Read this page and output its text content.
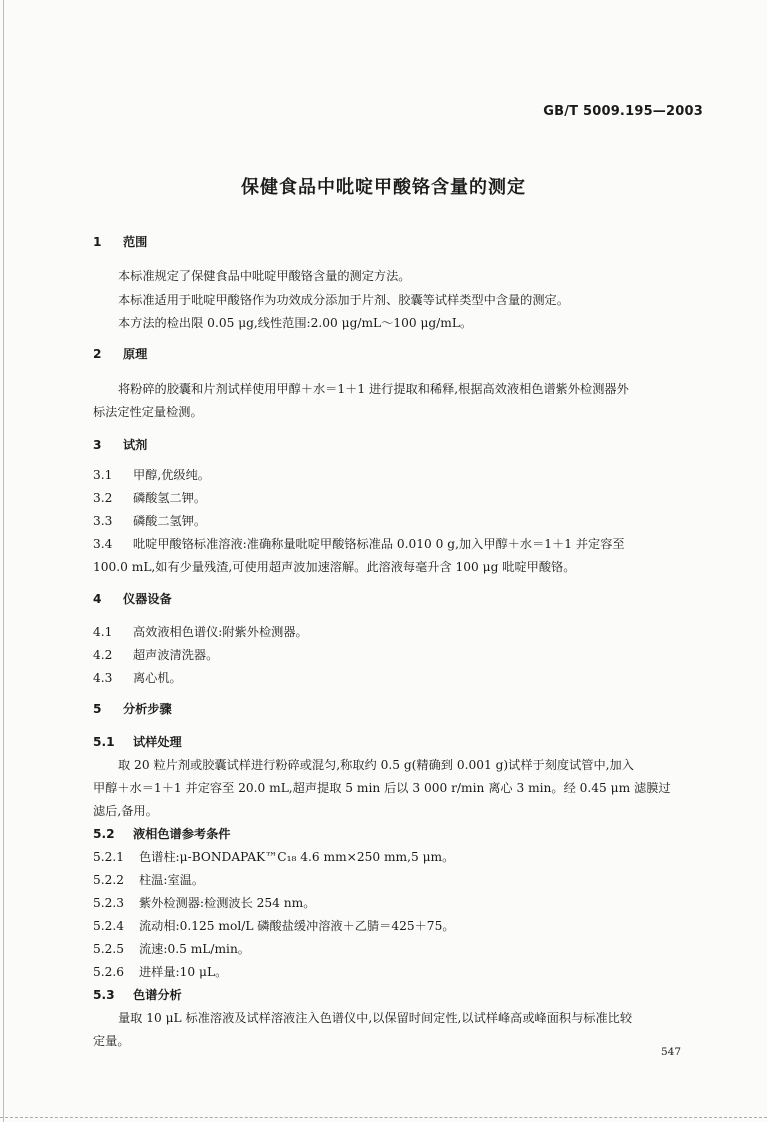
GB/T 5009.195—2003
保健食品中吡啶甲酸铬含量的测定
1 范围
本标准规定了保健食品中吡啶甲酸铬含量的测定方法。
本标准适用于吡啶甲酸铬作为功效成分添加于片剂、胶囊等试样类型中含量的测定。
本方法的检出限 0.05 μg,线性范围:2.00 μg/mL～100 μg/mL。
2 原理
将粉碎的胶囊和片剂试样使用甲醇＋水＝1＋1 进行提取和稀释,根据高效液相色谱紫外检测器外
标法定性定量检测。
3 试剂
3.1 甲醇,优级纯。
3.2 磷酸氢二钾。
3.3 磷酸二氢钾。
3.4 吡啶甲酸铬标准溶液:准确称量吡啶甲酸铬标准品 0.010 0 g,加入甲醇＋水＝1＋1 并定容至
100.0 mL,如有少量残渣,可使用超声波加速溶解。此溶液每毫升含 100 μg 吡啶甲酸铬。
4 仪器设备
4.1 高效液相色谱仪:附紫外检测器。
4.2 超声波清洗器。
4.3 离心机。
5 分析步骤
5.1 试样处理
取 20 粒片剂或胶囊试样进行粉碎或混匀,称取约 0.5 g(精确到 0.001 g)试样于刻度试管中,加入
甲醇＋水＝1＋1 并定容至 20.0 mL,超声提取 5 min 后以 3 000 r/min 离心 3 min。经 0.45 μm 滤膜过
滤后,备用。
5.2 液相色谱参考条件
5.2.1 色谱柱:μ-BONDAPAK™C₁₈ 4.6 mm×250 mm,5 μm。
5.2.2 柱温:室温。
5.2.3 紫外检测器:检测波长 254 nm。
5.2.4 流动相:0.125 mol/L 磷酸盐缓冲溶液＋乙腈＝425＋75。
5.2.5 流速:0.5 mL/min。
5.2.6 进样量:10 μL。
5.3 色谱分析
量取 10 μL 标准溶液及试样溶液注入色谱仪中,以保留时间定性,以试样峰高或峰面积与标准比较
定量。
547
